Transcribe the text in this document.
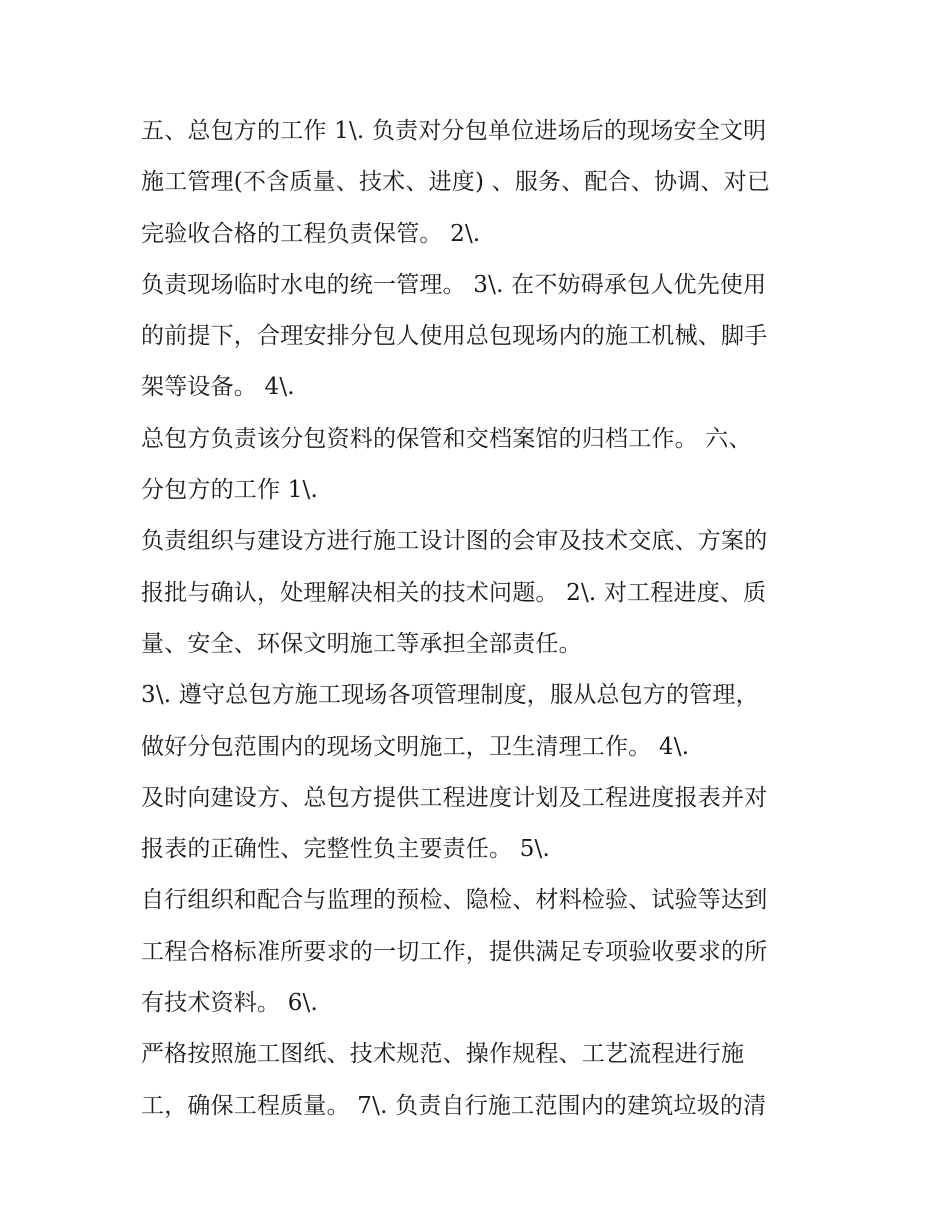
五、总包方的工作 1\. 负责对分包单位进场后的现场安全文明
施工管理(不含质量、技术、进度) 、服务、配合、协调、对已
完验收合格的工程负责保管。 2\.
负责现场临时水电的统一管理。 3\. 在不妨碍承包人优先使用
的前提下，合理安排分包人使用总包现场内的施工机械、脚手
架等设备。 4\.
总包方负责该分包资料的保管和交档案馆的归档工作。 六、
分包方的工作 1\.
负责组织与建设方进行施工设计图的会审及技术交底、方案的
报批与确认，处理解决相关的技术问题。 2\. 对工程进度、质
量、安全、环保文明施工等承担全部责任。
3\. 遵守总包方施工现场各项管理制度，服从总包方的管理，
做好分包范围内的现场文明施工，卫生清理工作。 4\.
及时向建设方、总包方提供工程进度计划及工程进度报表并对
报表的正确性、完整性负主要责任。 5\.
自行组织和配合与监理的预检、隐检、材料检验、试验等达到
工程合格标准所要求的一切工作，提供满足专项验收要求的所
有技术资料。 6\.
严格按照施工图纸、技术规范、操作规程、工艺流程进行施
工，确保工程质量。 7\. 负责自行施工范围内的建筑垃圾的清
